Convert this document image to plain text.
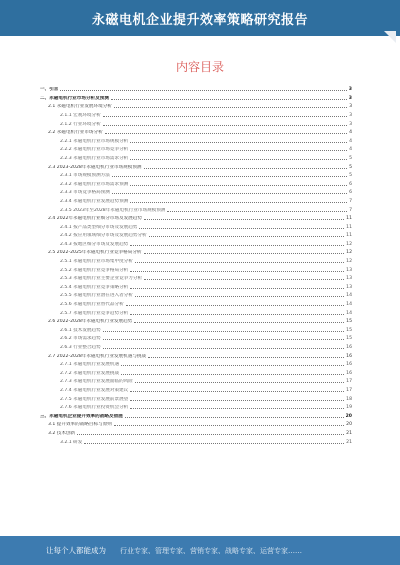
永磁电机企业提升效率策略研究报告
内容目录
一、引言	3
二、永磁电机行业市场分析及预测	3
2.1 永磁电机行业发展环境分析	3
2.1.1 宏观环境分析	3
2.1.2 行业环境分析	3
2.2 永磁电机行业市场分析	4
2.2.1 永磁电机行业市场规模分析	4
2.2.2 永磁电机行业市场竞争分析	4
2.2.3 永磁电机行业市场需求分析	5
2.3 2023-2028年永磁电机行业市场规模预测	5
2.3.1 市场规模预测方法	5
2.3.2 永磁电机行业市场需求预测	6
2.3.3 市场竞争格局预测	6
2.3.4 永磁电机行业发展趋势预测	7
2.3.5 2023年至2028年永磁电机行业市场规模预测	7
2.4 2022年永磁电机行业细分市场及发展趋势	11
2.4.1 按产品类型细分市场及发展趋势	11
2.4.2 按应用领域细分市场及发展趋势分析	11
2.4.3 按地区细分市场及发展趋势	12
2.5 2022-2025年永磁电机行业竞争格局分析	12
2.5.1 永磁电机行业市场集中度分析	12
2.5.2 永磁电机行业竞争格局分析	13
2.5.3 永磁电机行业主要企业竞争力分析	13
2.5.4 永磁电机行业竞争策略分析	13
2.5.5 永磁电机行业潜在进入者分析	14
2.5.6 永磁电机行业替代品分析	14
2.5.7 永磁电机行业竞争趋势分析	14
2.6 2022-2028年永磁电机行业发展趋势	15
2.6.1 技术发展趋势	15
2.6.2 市场需求趋势	15
2.6.3 行业整合趋势	16
2.7 2022-2028年永磁电机行业发展机遇与挑战	16
2.7.1 永磁电机行业发展机遇	16
2.7.2 永磁电机行业发展挑战	16
2.7.3 永磁电机行业发展面临的风险	17
2.7.4 永磁电机行业发展对策建议	17
2.7.5 永磁电机行业发展前景展望	18
2.7.6 永磁电机行业投资机会分析	19
三、永磁电机企业提升效率的战略及措施	20
3.1 提升效率的战略目标与原则	20
3.2 技术创新	21
3.2.1 研发	21
让每个人都能成为 行业专家、管理专家、营销专家、战略专家、运营专家……
